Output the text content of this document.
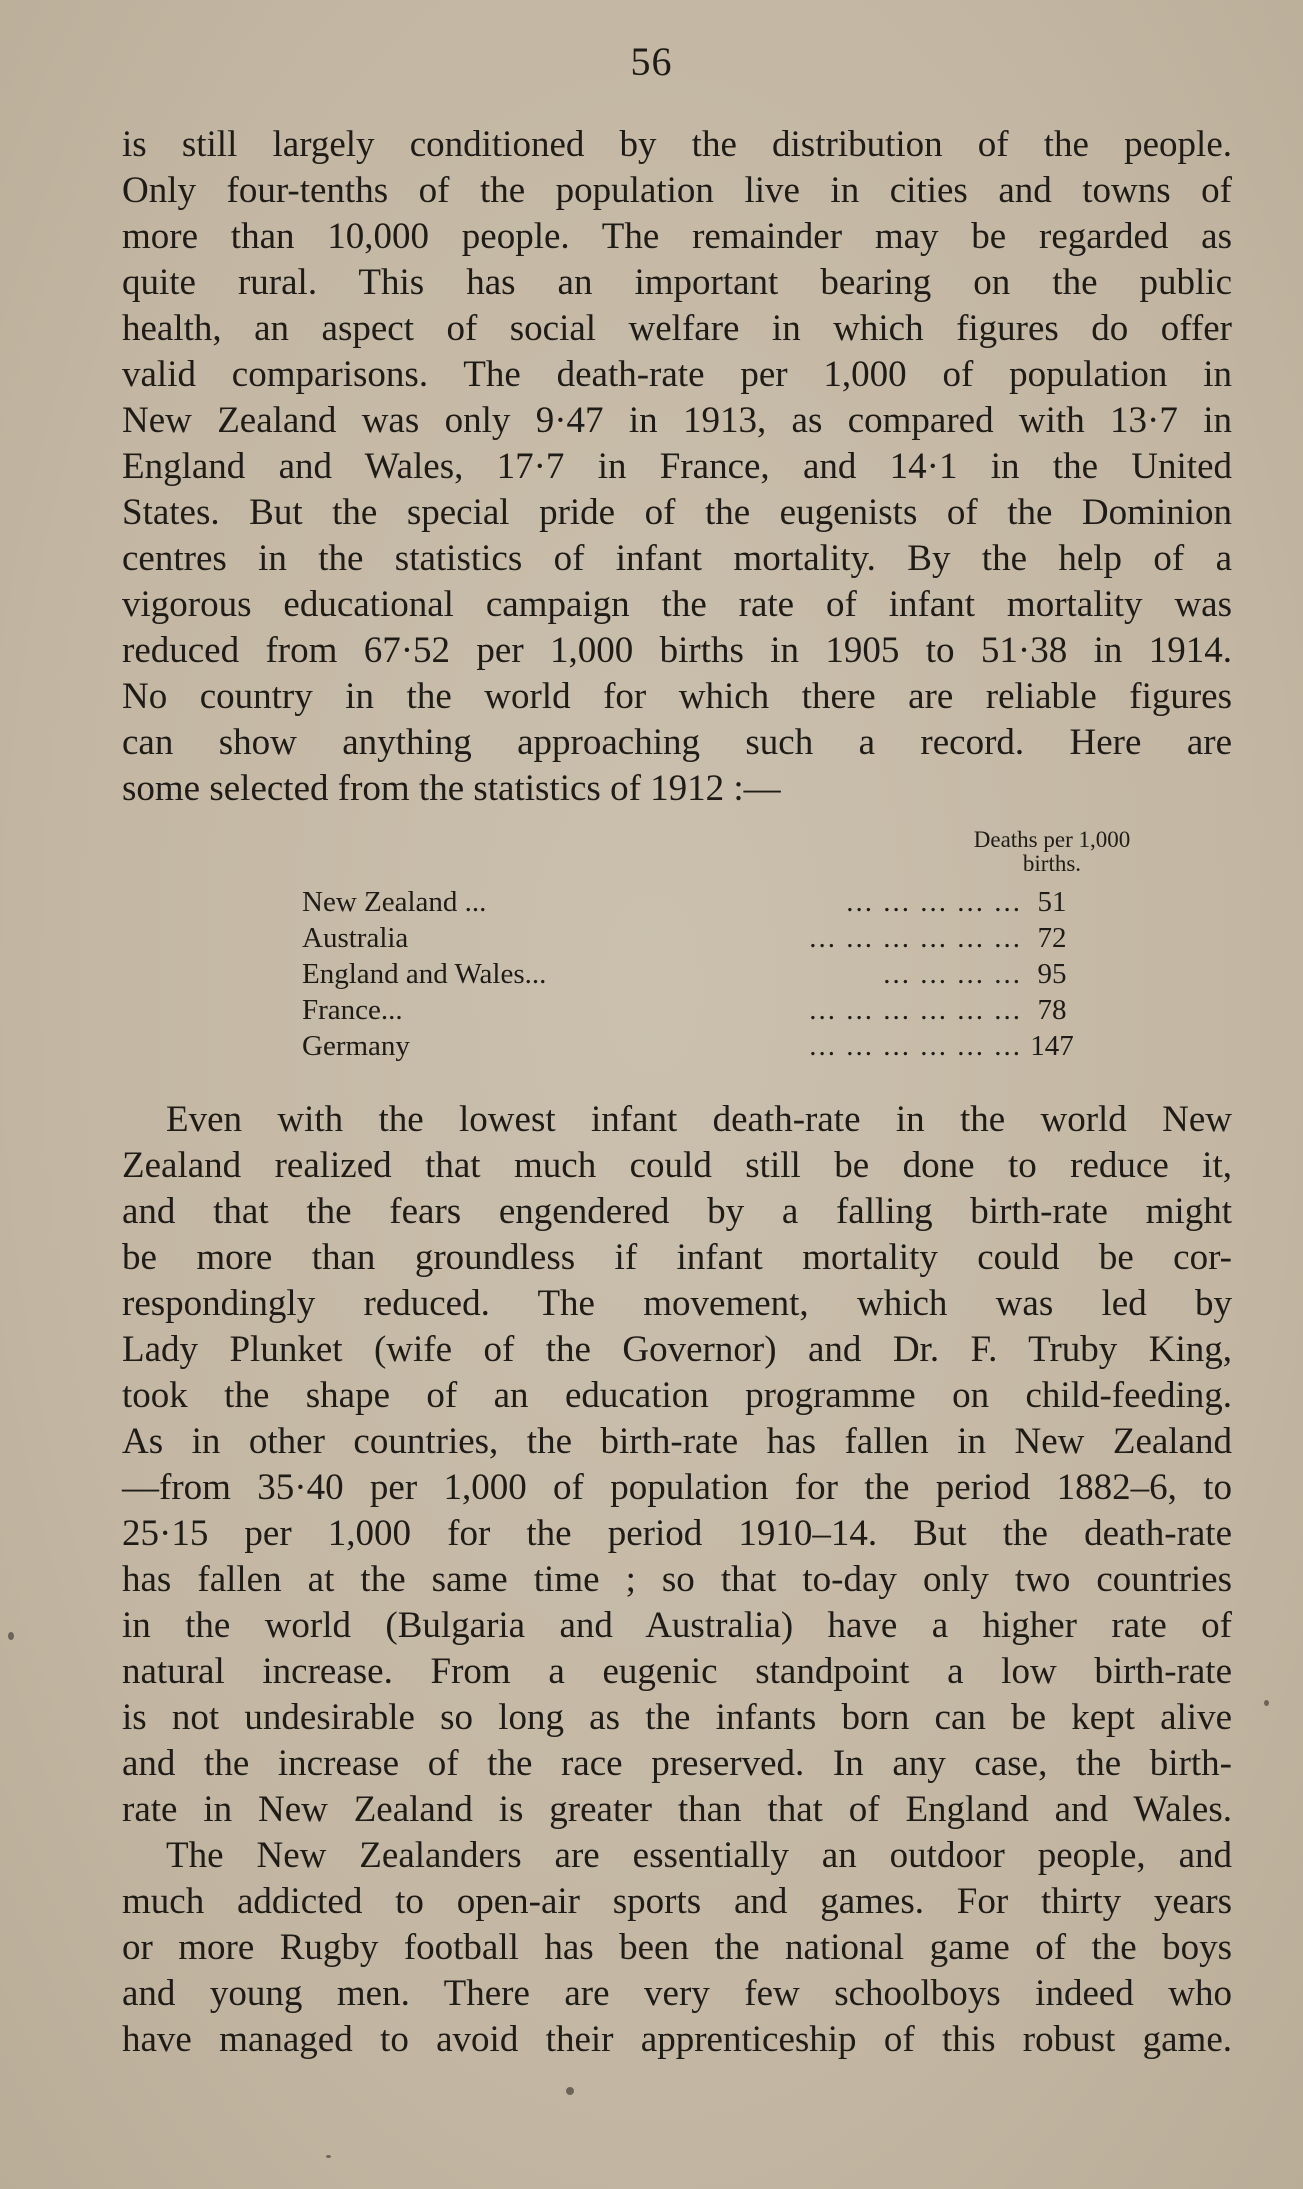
56
is still largely conditioned by the distribution of the people.
Only four-tenths of the population live in cities and towns of
more than 10,000 people. The remainder may be regarded as
quite rural. This has an important bearing on the public
health, an aspect of social welfare in which figures do offer
valid comparisons. The death-rate per 1,000 of population in
New Zealand was only 9·47 in 1913, as compared with 13·7 in
England and Wales, 17·7 in France, and 14·1 in the United
States. But the special pride of the eugenists of the Dominion
centres in the statistics of infant mortality. By the help of a
vigorous educational campaign the rate of infant mortality was
reduced from 67·52 per 1,000 births in 1905 to 51·38 in 1914.
No country in the world for which there are reliable figures
can show anything approaching such a record. Here are
some selected from the statistics of 1912 :—
Deaths per 1,000
births.
... ... ... ... ...
New Zealand ...	51
... ... ... ... ... ...
Australia	72
... ... ... ...
England and Wales...	95
... ... ... ... ... ...
France...	78
... ... ... ... ... ...
Germany	147
Even with the lowest infant death-rate in the world New
Zealand realized that much could still be done to reduce it,
and that the fears engendered by a falling birth-rate might
be more than groundless if infant mortality could be cor-
respondingly reduced. The movement, which was led by
Lady Plunket (wife of the Governor) and Dr. F. Truby King,
took the shape of an education programme on child-feeding.
As in other countries, the birth-rate has fallen in New Zealand
—from 35·40 per 1,000 of population for the period 1882–6, to
25·15 per 1,000 for the period 1910–14. But the death-rate
has fallen at the same time ; so that to-day only two countries
in the world (Bulgaria and Australia) have a higher rate of
natural increase. From a eugenic standpoint a low birth-rate
is not undesirable so long as the infants born can be kept alive
and the increase of the race preserved. In any case, the birth-
rate in New Zealand is greater than that of England and Wales.
The New Zealanders are essentially an outdoor people, and
much addicted to open-air sports and games. For thirty years
or more Rugby football has been the national game of the boys
and young men. There are very few schoolboys indeed who
have managed to avoid their apprenticeship of this robust game.
